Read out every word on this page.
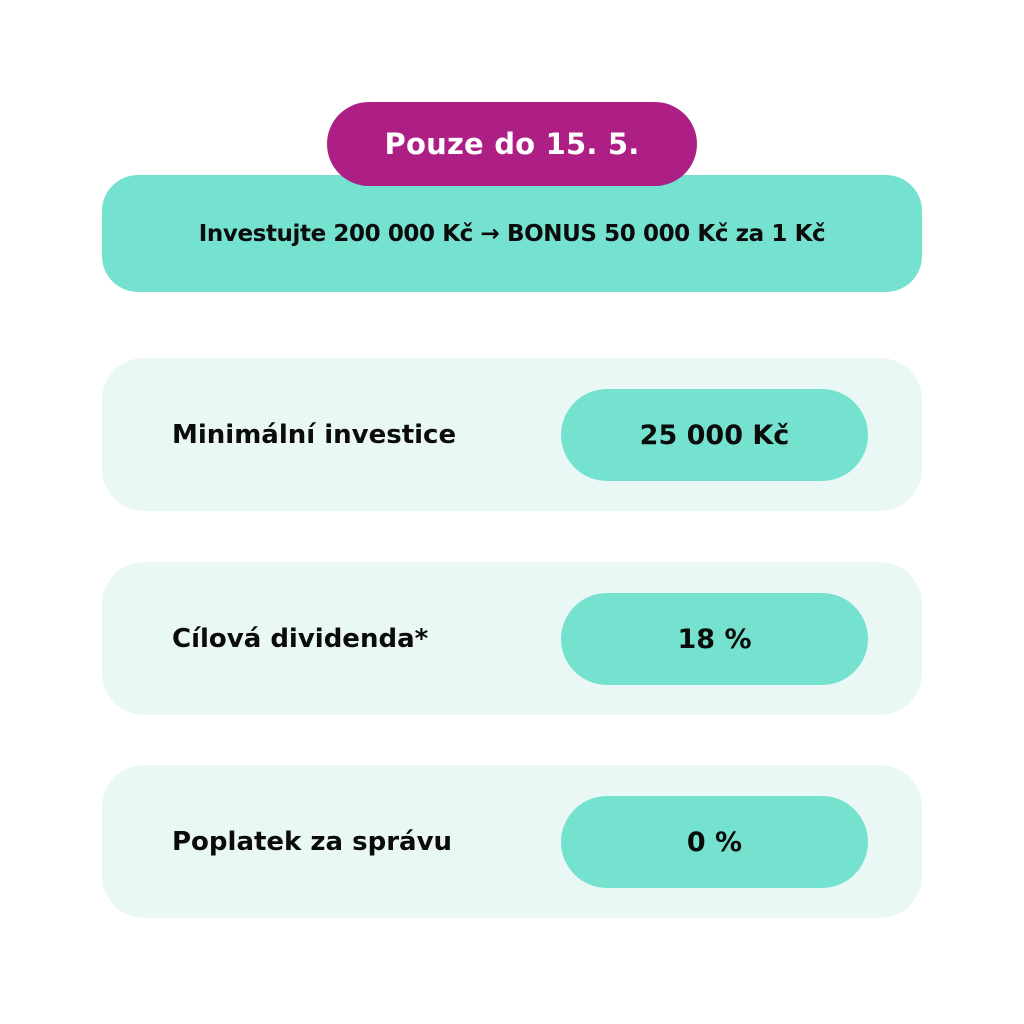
Pouze do 15. 5.
Investujte 200 000 Kč → BONUS 50 000 Kč za 1 Kč
Minimální investice	25 000 Kč
Cílová dividenda*	18 %
Poplatek za správu	0 %
